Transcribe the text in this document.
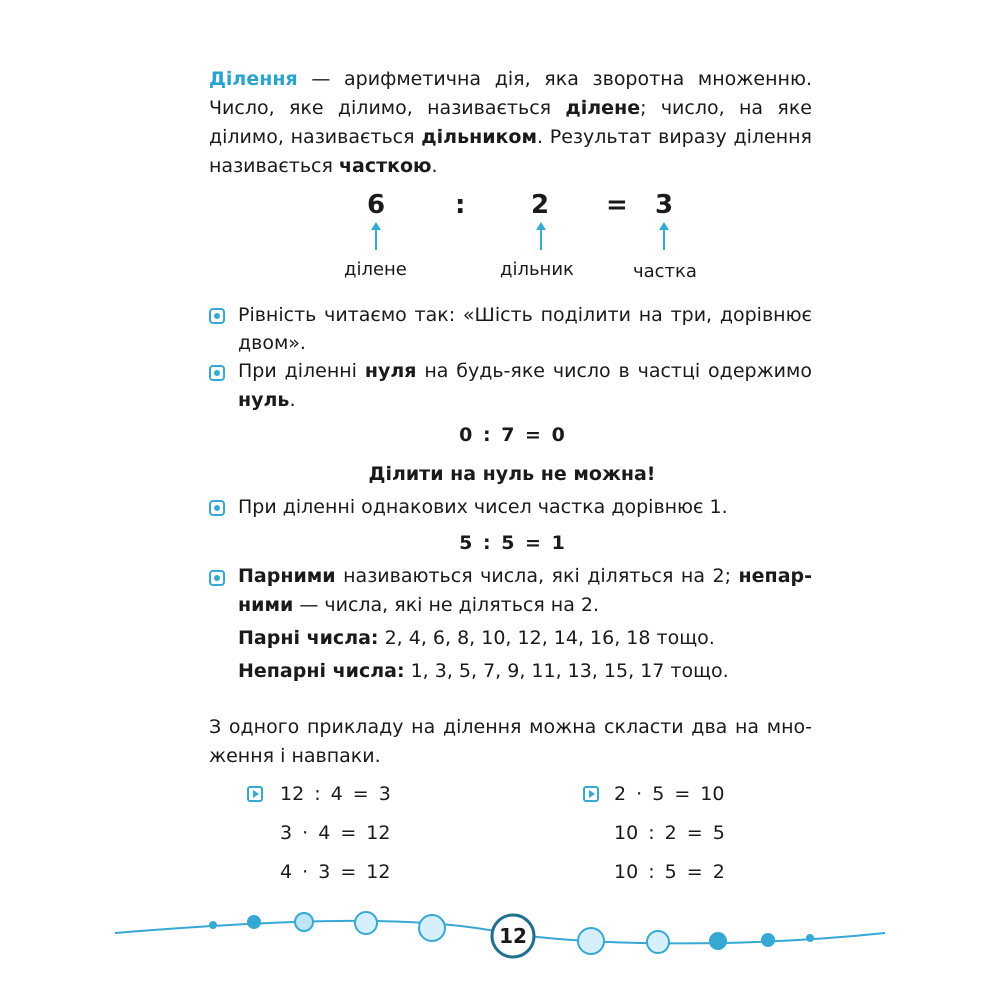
Ділення — арифметична дія, яка зворотна множенню.
Число, яке ділимо, називається ділене; число, на яке
ділимо, називається дільником. Результат виразу ділення
називається часткою.
6	:	2 = 3
ділене	дільник	частка
Рівність читаємо так: «Шість поділити на три, дорівнює
двом».
При діленні нуля на будь-яке число в частці одержимо
нуль.
0 : 7 = 0
Ділити на нуль не можна!
При діленні однакових чисел частка дорівнює 1.
5 : 5 = 1
Парними називаються числа, які діляться на 2; непар-
ними — числа, які не діляться на 2.
Парні числа: 2, 4, 6, 8, 10, 12, 14, 16, 18 тощо.
Непарні числа: 1, 3, 5, 7, 9, 11, 13, 15, 17 тощо.
З одного прикладу на ділення можна скласти два на мно-
ження і навпаки.
12 : 4 = 3
3 · 4 = 12
4 · 3 = 12
2 · 5 = 10
10 : 2 = 5
10 : 5 = 2
12
